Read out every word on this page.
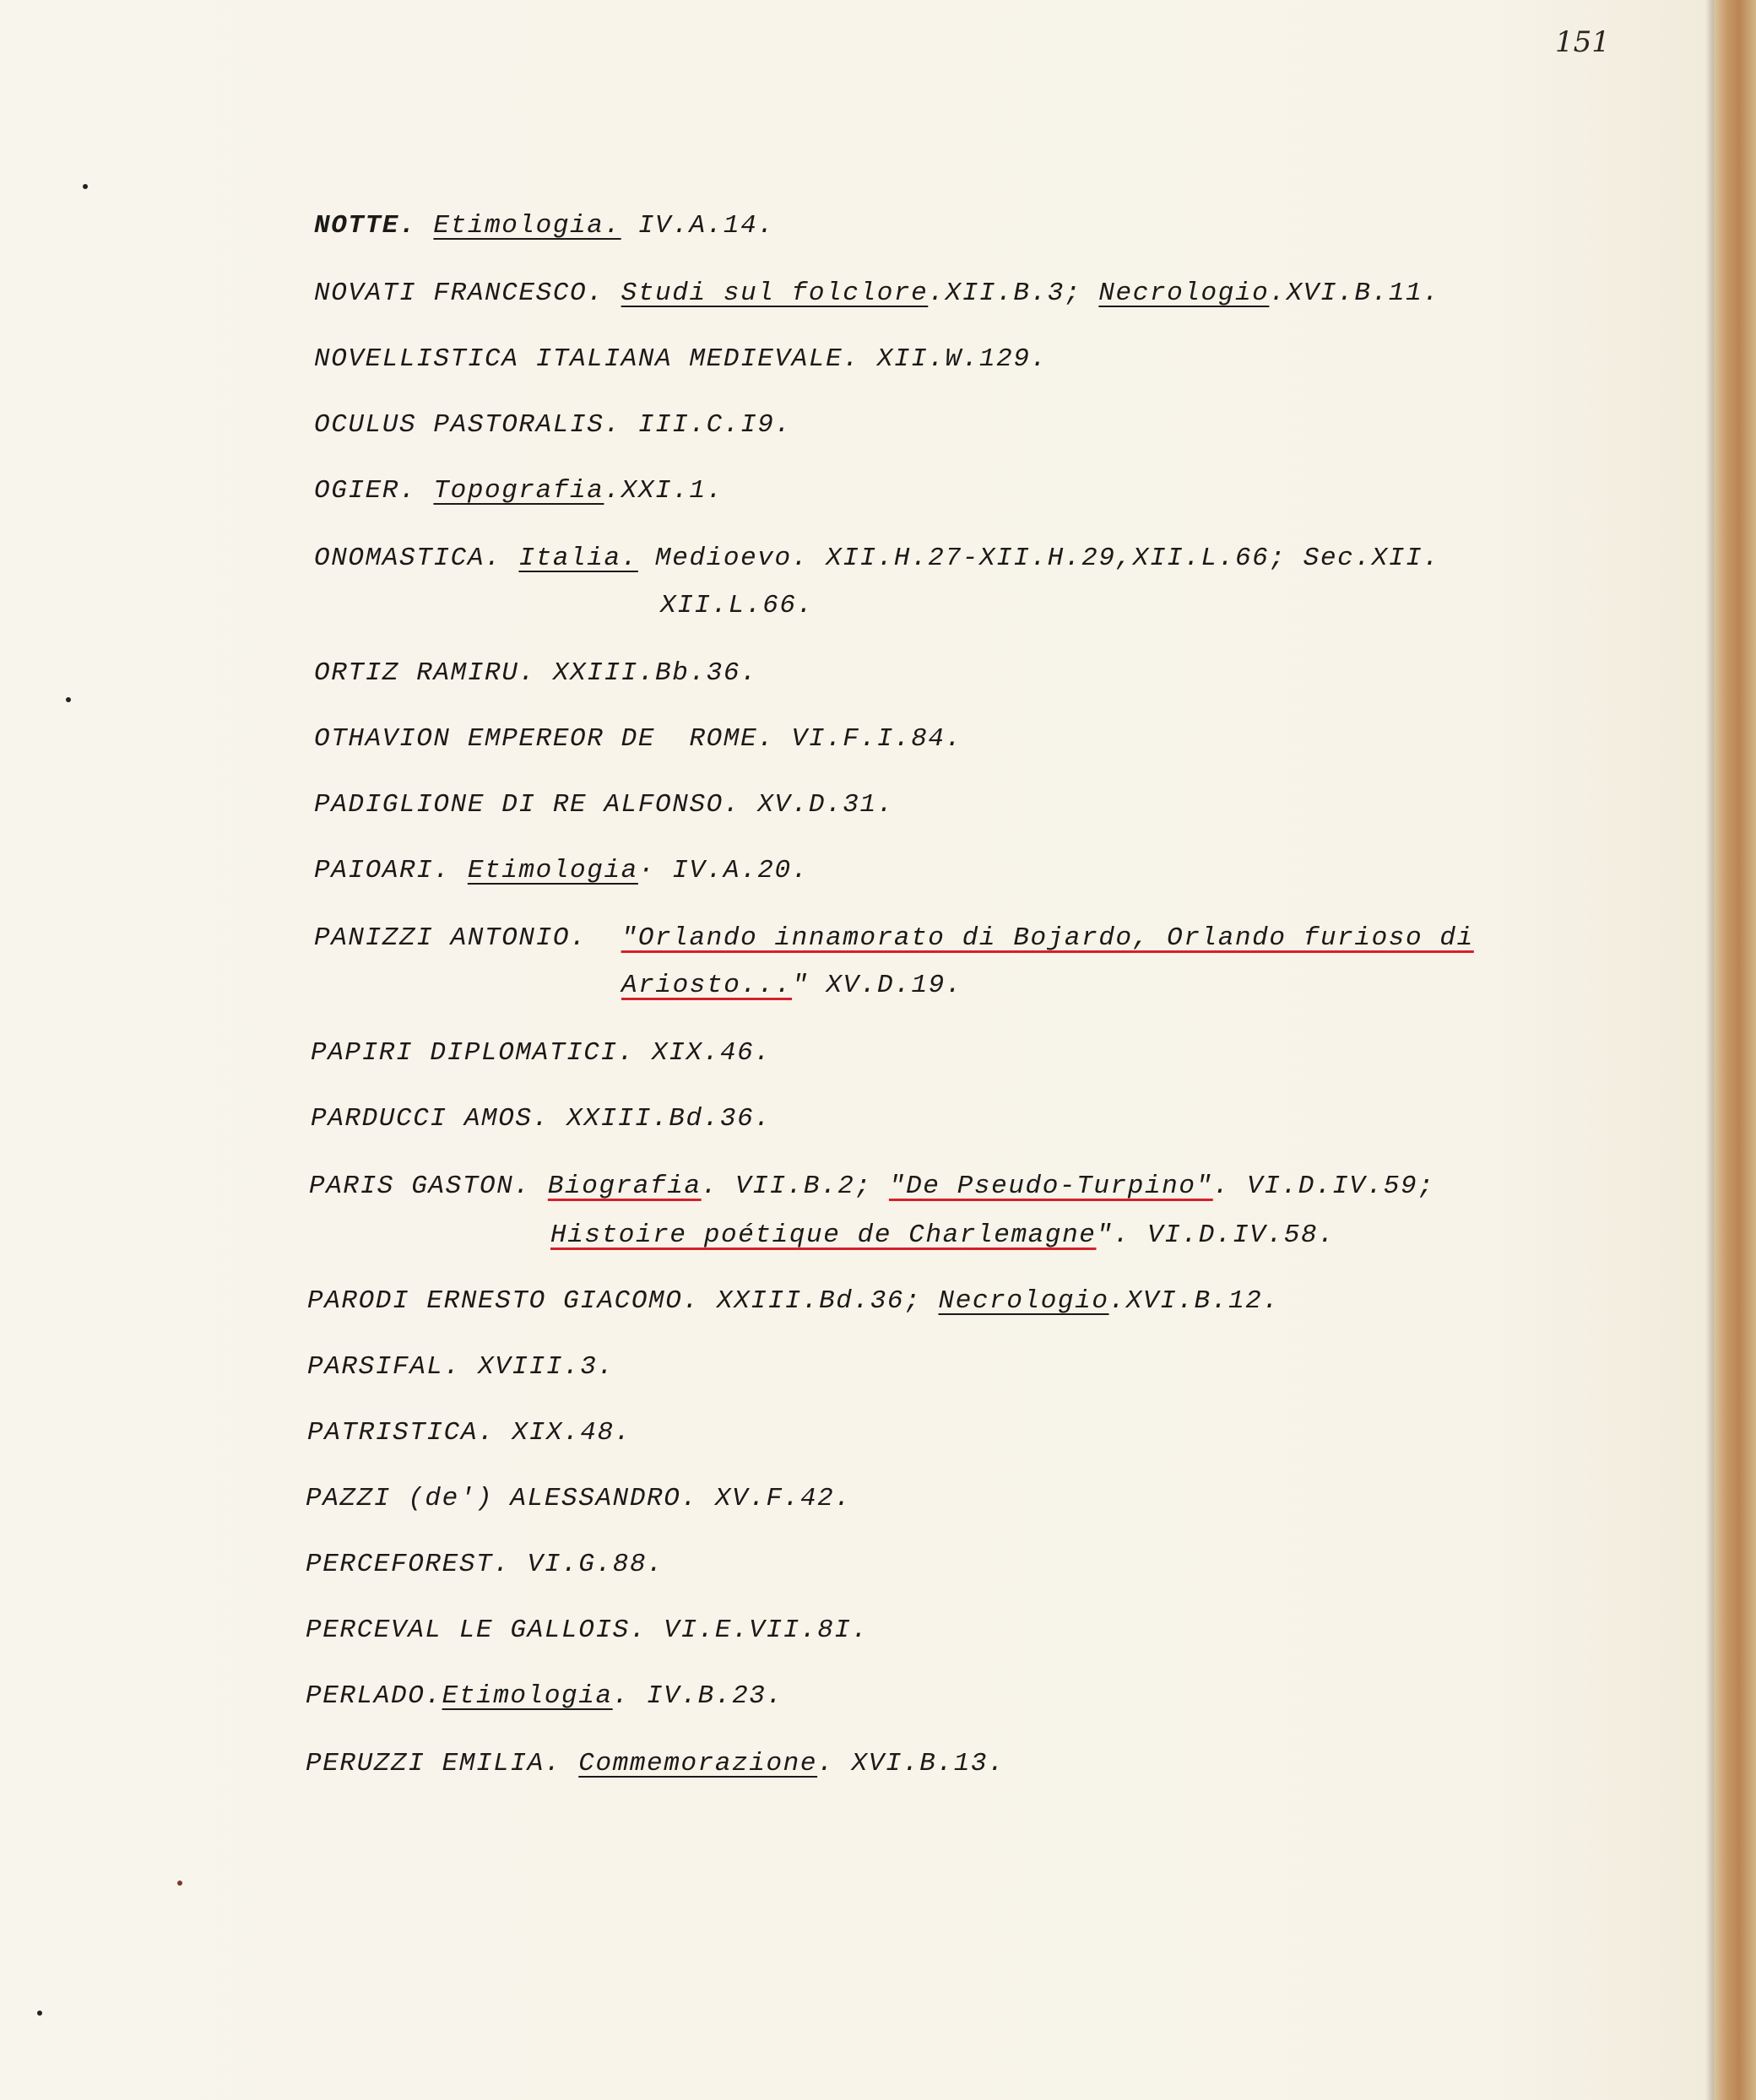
151
NOTTE. Etimologia. IV.A.14.
NOVATI FRANCESCO. Studi sul folclore.XII.B.3; Necrologio.XVI.B.11.
NOVELLISTICA ITALIANA MEDIEVALE. XII.W.129.
OCULUS PASTORALIS. III.C.I9.
OGIER. Topografia.XXI.1.
ONOMASTICA. Italia. Medioevo. XII.H.27-XII.H.29,XII.L.66; Sec.XII.
XII.L.66.
ORTIZ RAMIRU. XXIII.Bb.36.
OTHAVION EMPEREOR DE  ROME. VI.F.I.84.
PADIGLIONE DI RE ALFONSO. XV.D.31.
PAIOARI. Etimologia· IV.A.20.
PANIZZI ANTONIO. "Orlando innamorato di Bojardo, Orlando furioso di
Ariosto..." XV.D.19.
PAPIRI DIPLOMATICI. XIX.46.
PARDUCCI AMOS. XXIII.Bd.36.
PARIS GASTON. Biografia. VII.B.2; "De Pseudo-Turpino". VI.D.IV.59;
Histoire poétique de Charlemagne". VI.D.IV.58.
PARODI ERNESTO GIACOMO. XXIII.Bd.36; Necrologio.XVI.B.12.
PARSIFAL. XVIII.3.
PATRISTICA. XIX.48.
PAZZI (de') ALESSANDRO. XV.F.42.
PERCEFOREST. VI.G.88.
PERCEVAL LE GALLOIS. VI.E.VII.8I.
PERLADO.Etimologia. IV.B.23.
PERUZZI EMILIA. Commemorazione. XVI.B.13.
